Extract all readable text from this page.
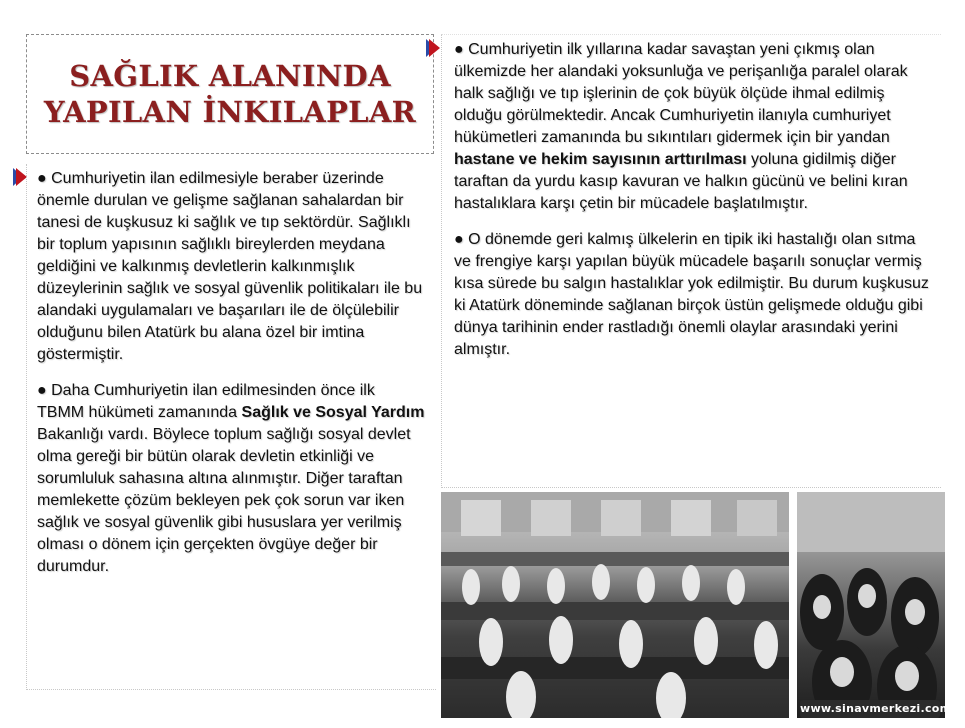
SAĞLIK ALANINDA
YAPILAN İNKILAPLAR

● Cumhuriyetin ilan edilmesiyle beraber üzerinde önemle durulan ve gelişme sağlanan sahalardan bir tanesi de kuşkusuz ki sağlık ve tıp sektördür. Sağlıklı bir toplum yapısının sağlıklı bireylerden meydana geldiğini ve kalkınmış devletlerin kalkınmışlık düzeylerinin sağlık ve sosyal güvenlik politikaları ile bu alandaki uygulamaları ve başarıları ile de ölçülebilir olduğunu bilen Atatürk bu alana özel bir imtina göstermiştir.

● Daha Cumhuriyetin ilan edilmesinden önce ilk TBMM hükümeti zamanında Sağlık ve Sosyal Yardım Bakanlığı vardı. Böylece toplum sağlığı sosyal devlet olma gereği bir bütün olarak devletin etkinliği ve sorumluluk sahasına altına alınmıştır. Diğer taraftan memlekette çözüm bekleyen pek çok sorun var iken sağlık ve sosyal güvenlik gibi hususlara yer verilmiş olması o dönem için gerçekten övgüye değer bir durumdur.

● Cumhuriyetin ilk yıllarına kadar savaştan yeni çıkmış olan ülkemizde her alandaki yoksunluğa ve perişanlığa paralel olarak halk sağlığı ve tıp işlerinin de çok büyük ölçüde ihmal edilmiş olduğu görülmektedir. Ancak Cumhuriyetin ilanıyla cumhuriyet hükümetleri zamanında bu sıkıntıları gidermek için bir yandan hastane ve hekim sayısının arttırılması yoluna gidilmiş diğer taraftan da yurdu kasıp kavuran ve halkın gücünü ve belini kıran hastalıklara karşı çetin bir mücadele başlatılmıştır.

● O dönemde geri kalmış ülkelerin en tipik iki hastalığı olan sıtma ve frengiye karşı yapılan büyük mücadele başarılı sonuçlar vermiş kısa sürede bu salgın hastalıklar yok edilmiştir. Bu durum kuşkusuz ki Atatürk döneminde sağlanan birçok üstün gelişmede olduğu gibi dünya tarihinin ender rastladığı önemli olaylar arasındaki yerini almıştır.

www.sinavmerkezi.com
